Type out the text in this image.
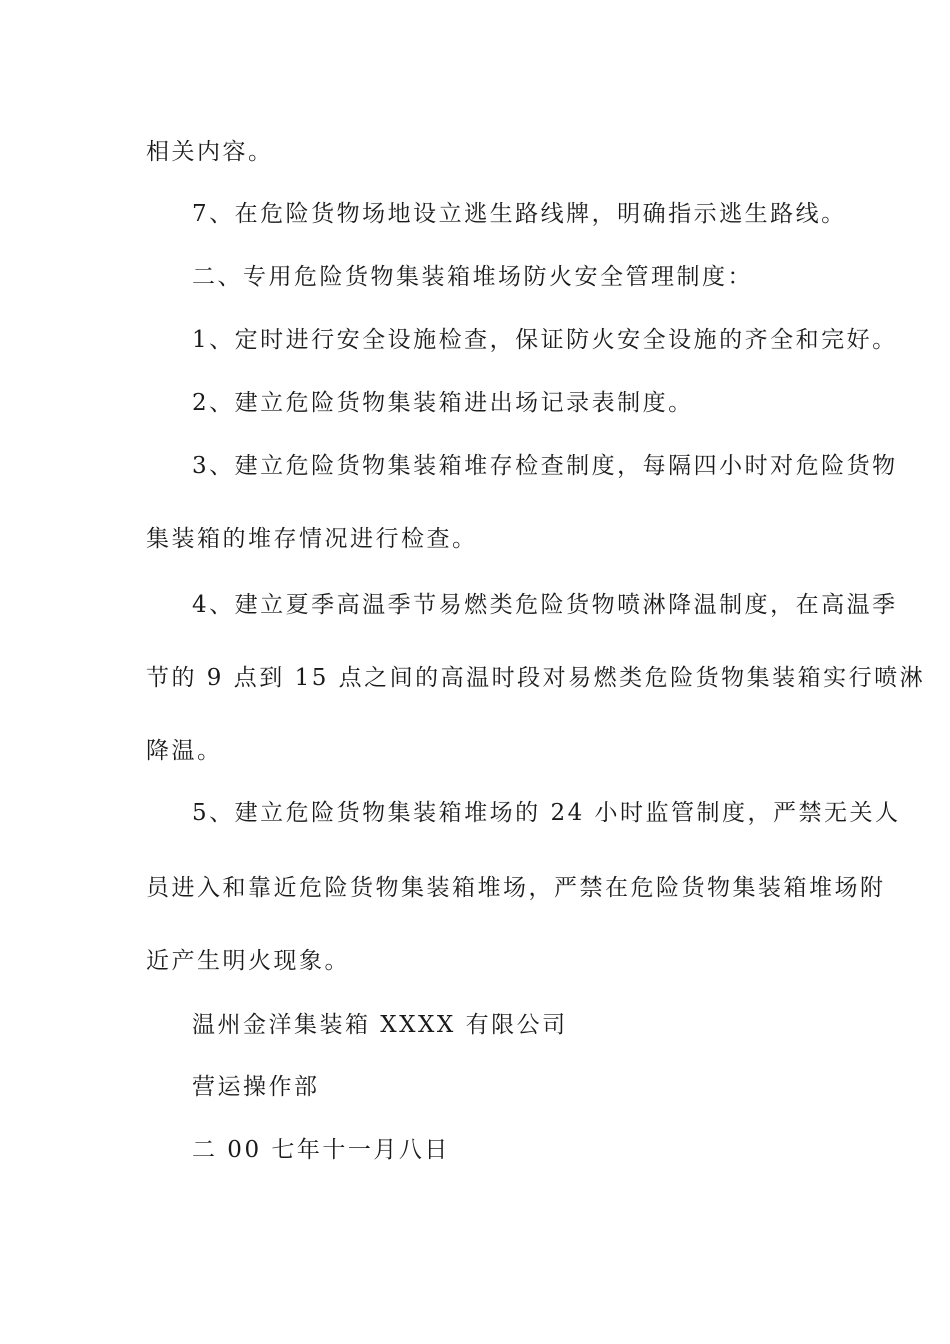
相关内容。
7、在危险货物场地设立逃生路线牌，明确指示逃生路线。
二、专用危险货物集装箱堆场防火安全管理制度：
1、定时进行安全设施检查，保证防火安全设施的齐全和完好。
2、建立危险货物集装箱进出场记录表制度。
3、建立危险货物集装箱堆存检查制度，每隔四小时对危险货物
集装箱的堆存情况进行检查。
4、建立夏季高温季节易燃类危险货物喷淋降温制度，在高温季
节的 9 点到 15 点之间的高温时段对易燃类危险货物集装箱实行喷淋
降温。
5、建立危险货物集装箱堆场的 24 小时监管制度，严禁无关人
员进入和靠近危险货物集装箱堆场，严禁在危险货物集装箱堆场附
近产生明火现象。
温州金洋集装箱 XXXX 有限公司
营运操作部
二 00 七年十一月八日
